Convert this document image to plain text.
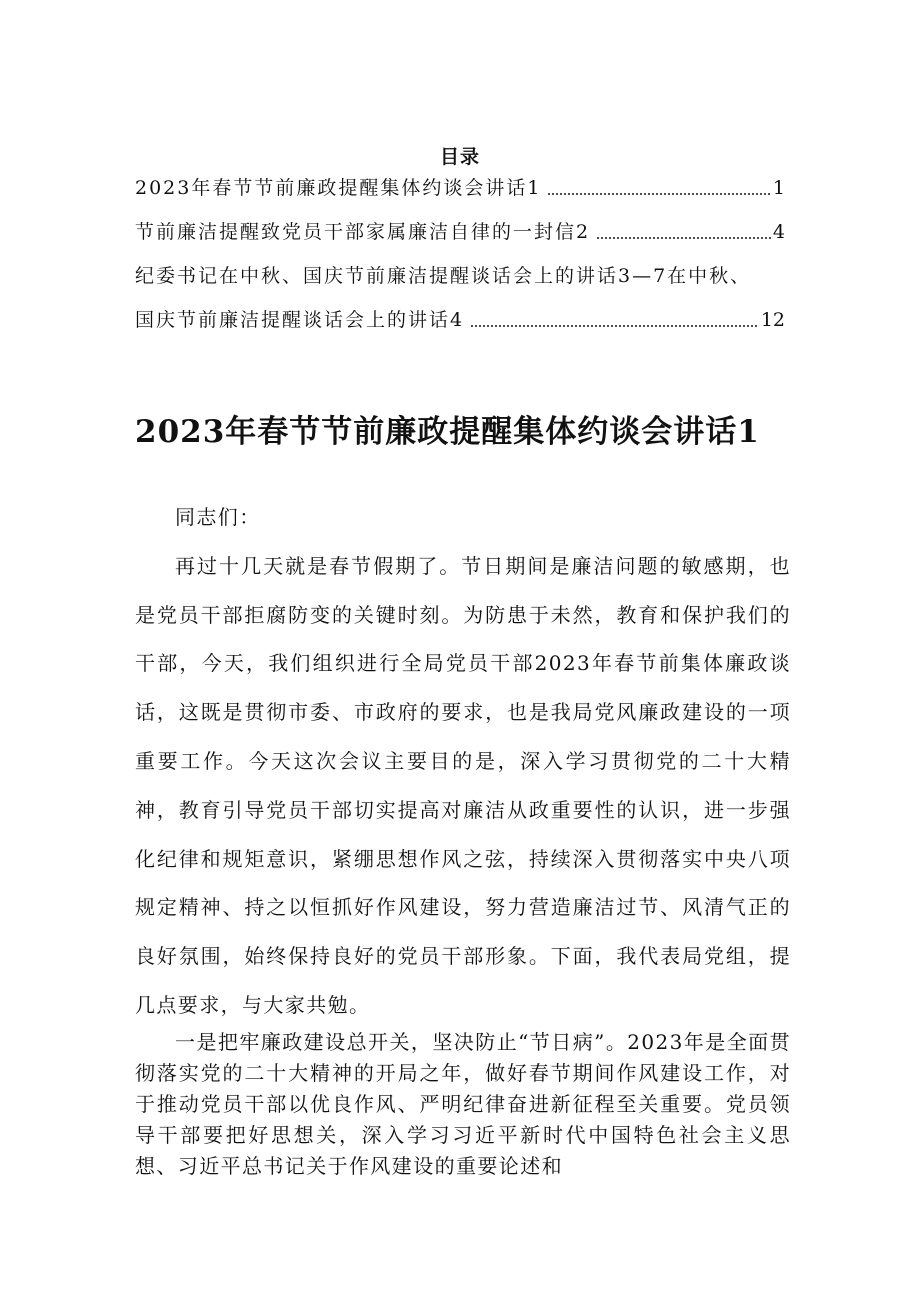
目录
2023年春节节前廉政提醒集体约谈会讲话1	1
节前廉洁提醒致党员干部家属廉洁自律的一封信2	4
纪委书记在中秋、国庆节前廉洁提醒谈话会上的讲话3—7在中秋、
国庆节前廉洁提醒谈话会上的讲话4	12
2023年春节节前廉政提醒集体约谈会讲话1

同志们：

再过十几天就是春节假期了。节日期间是廉洁问题的敏感期，也是党员干部拒腐防变的关键时刻。为防患于未然，教育和保护我们的干部，今天，我们组织进行全局党员干部2023年春节前集体廉政谈话，这既是贯彻市委、市政府的要求，也是我局党风廉政建设的一项重要工作。今天这次会议主要目的是，深入学习贯彻党的二十大精神，教育引导党员干部切实提高对廉洁从政重要性的认识，进一步强化纪律和规矩意识，紧绷思想作风之弦，持续深入贯彻落实中央八项规定精神、持之以恒抓好作风建设，努力营造廉洁过节、风清气正的良好氛围，始终保持良好的党员干部形象。下面，我代表局党组，提几点要求，与大家共勉。

一是把牢廉政建设总开关，坚决防止“节日病”。2023年是全面贯彻落实党的二十大精神的开局之年，做好春节期间作风建设工作，对于推动党员干部以优良作风、严明纪律奋进新征程至关重要。党员领导干部要把好思想关，深入学习习近平新时代中国特色社会主义思想、习近平总书记关于作风建设的重要论述和
